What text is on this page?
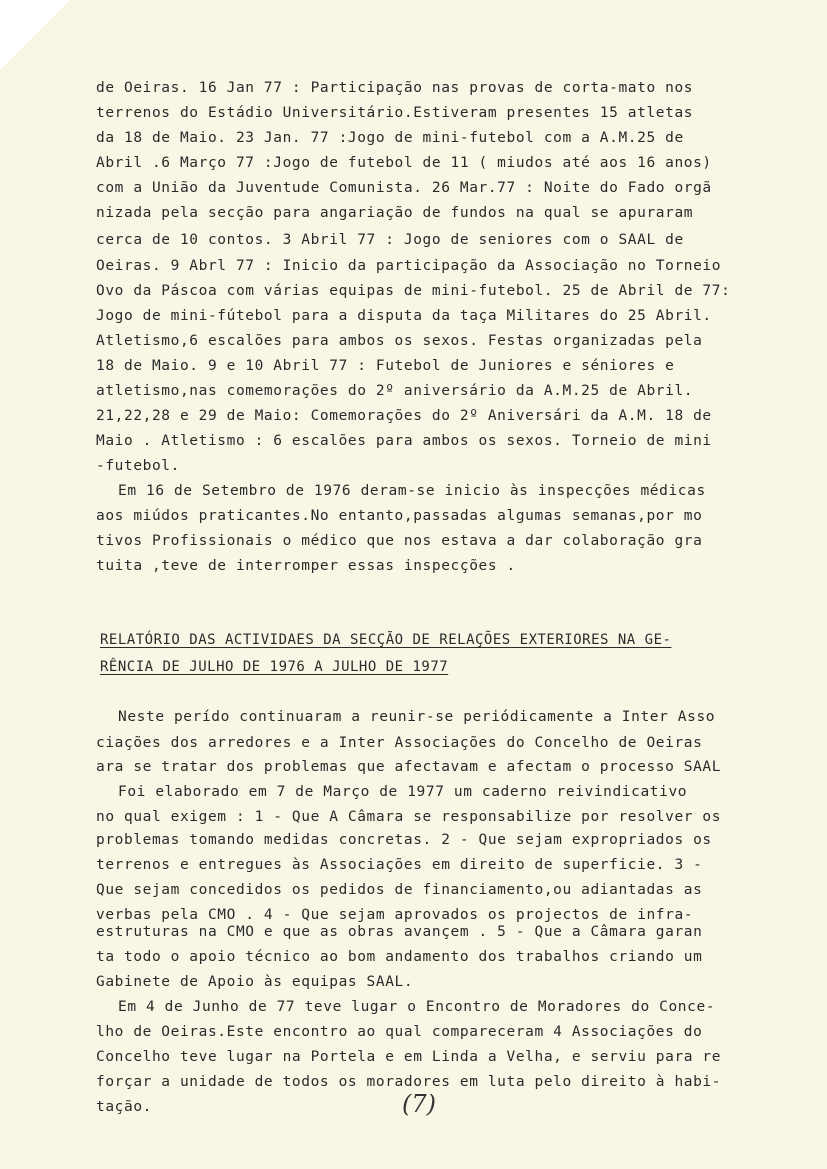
de Oeiras. 16 Jan 77 : Participação nas provas de corta-mato nos
terrenos do Estádio Universitário.Estiveram presentes 15 atletas
da 18 de Maio. 23 Jan. 77 :Jogo de mini-futebol com a A.M.25 de
Abril .6 Março 77 :Jogo de futebol de 11 ( miudos até aos 16 anos)
com a União da Juventude Comunista. 26 Mar.77 : Noite do Fado orgã
nizada pela secção para angariação de fundos na qual se apuraram
cerca de 10 contos. 3 Abril 77 : Jogo de seniores com o SAAL de
Oeiras. 9 Abrl 77 : Inicio da participação da Associação no Torneio
Ovo da Páscoa com várias equipas de mini-futebol. 25 de Abril de 77:
Jogo de mini-fútebol para a disputa da taça Militares do 25 Abril.
Atletismo,6 escalões para ambos os sexos. Festas organizadas pela
18 de Maio. 9 e 10 Abril 77 : Futebol de Juniores e séniores e
atletismo,nas comemorações do 2º aniversário da A.M.25 de Abril.
21,22,28 e 29 de Maio: Comemorações do 2º Aniversári da A.M. 18 de
Maio . Atletismo : 6 escalões para ambos os sexos. Torneio de mini
-futebol.
Em 16 de Setembro de 1976 deram-se inicio às inspecções médicas
aos miúdos praticantes.No entanto,passadas algumas semanas,por mo
tivos Profissionais o médico que nos estava a dar colaboração gra
tuita ,teve de interromper essas inspecções .
RELATÓRIO DAS ACTIVIDAES DA SECÇÃO DE RELAÇÕES EXTERIORES NA GE-
RÊNCIA DE JULHO DE 1976 A JULHO DE 1977
Neste perído continuaram a reunir-se periódicamente a Inter Asso
ciações dos arredores e a Inter Associações do Concelho de Oeiras
ara se tratar dos problemas que afectavam e afectam o processo SAAL
Foi elaborado em 7 de Março de 1977 um caderno reivindicativo
no qual exigem : 1 - Que A Câmara se responsabilize por resolver os
problemas tomando medidas concretas. 2 - Que sejam expropriados os
terrenos e entregues às Associações em direito de superficie. 3 -
Que sejam concedidos os pedidos de financiamento,ou adiantadas as
verbas pela CMO . 4 - Que sejam aprovados os projectos de infra-
estruturas na CMO e que as obras avançem . 5 - Que a Câmara garan
ta todo o apoio técnico ao bom andamento dos trabalhos criando um
Gabinete de Apoio às equipas SAAL.
Em 4 de Junho de 77 teve lugar o Encontro de Moradores do Conce-
lho de Oeiras.Este encontro ao qual compareceram 4 Associações do
Concelho teve lugar na Portela e em Linda a Velha, e serviu para re
forçar a unidade de todos os moradores em luta pelo direito à habi-
tação.	(7)
